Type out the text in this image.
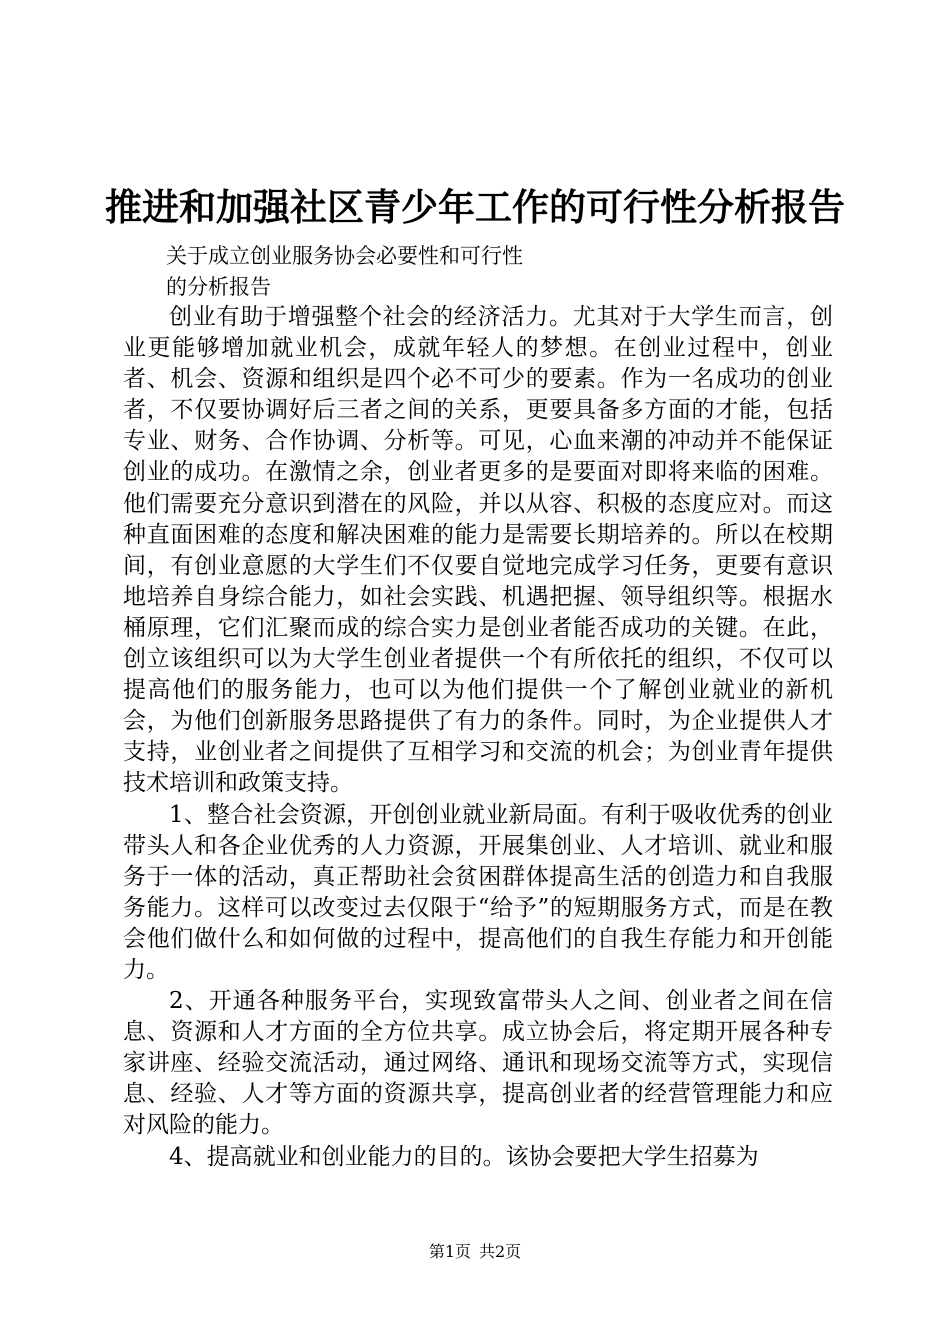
推进和加强社区青少年工作的可行性分析报告
关于成立创业服务协会必要性和可行性
的分析报告

创业有助于增强整个社会的经济活力。尤其对于大学生而言，创业更能够增加就业机会，成就年轻人的梦想。在创业过程中，创业者、机会、资源和组织是四个必不可少的要素。作为一名成功的创业者，不仅要协调好后三者之间的关系，更要具备多方面的才能，包括专业、财务、合作协调、分析等。可见，心血来潮的冲动并不能保证创业的成功。在激情之余，创业者更多的是要面对即将来临的困难。他们需要充分意识到潜在的风险，并以从容、积极的态度应对。而这种直面困难的态度和解决困难的能力是需要长期培养的。所以在校期间，有创业意愿的大学生们不仅要自觉地完成学习任务，更要有意识地培养自身综合能力，如社会实践、机遇把握、领导组织等。根据水桶原理，它们汇聚而成的综合实力是创业者能否成功的关键。在此，创立该组织可以为大学生创业者提供一个有所依托的组织，不仅可以提高他们的服务能力，也可以为他们提供一个了解创业就业的新机会，为他们创新服务思路提供了有力的条件。同时，为企业提供人才支持，业创业者之间提供了互相学习和交流的机会；为创业青年提供技术培训和政策支持。

1、整合社会资源，开创创业就业新局面。有利于吸收优秀的创业带头人和各企业优秀的人力资源，开展集创业、人才培训、就业和服务于一体的活动，真正帮助社会贫困群体提高生活的创造力和自我服务能力。这样可以改变过去仅限于“给予”的短期服务方式，而是在教会他们做什么和如何做的过程中，提高他们的自我生存能力和开创能力。

2、开通各种服务平台，实现致富带头人之间、创业者之间在信息、资源和人才方面的全方位共享。成立协会后，将定期开展各种专家讲座、经验交流活动，通过网络、通讯和现场交流等方式，实现信息、经验、人才等方面的资源共享，提高创业者的经营管理能力和应对风险的能力。

4、提高就业和创业能力的目的。该协会要把大学生招募为

第1页 共2页
